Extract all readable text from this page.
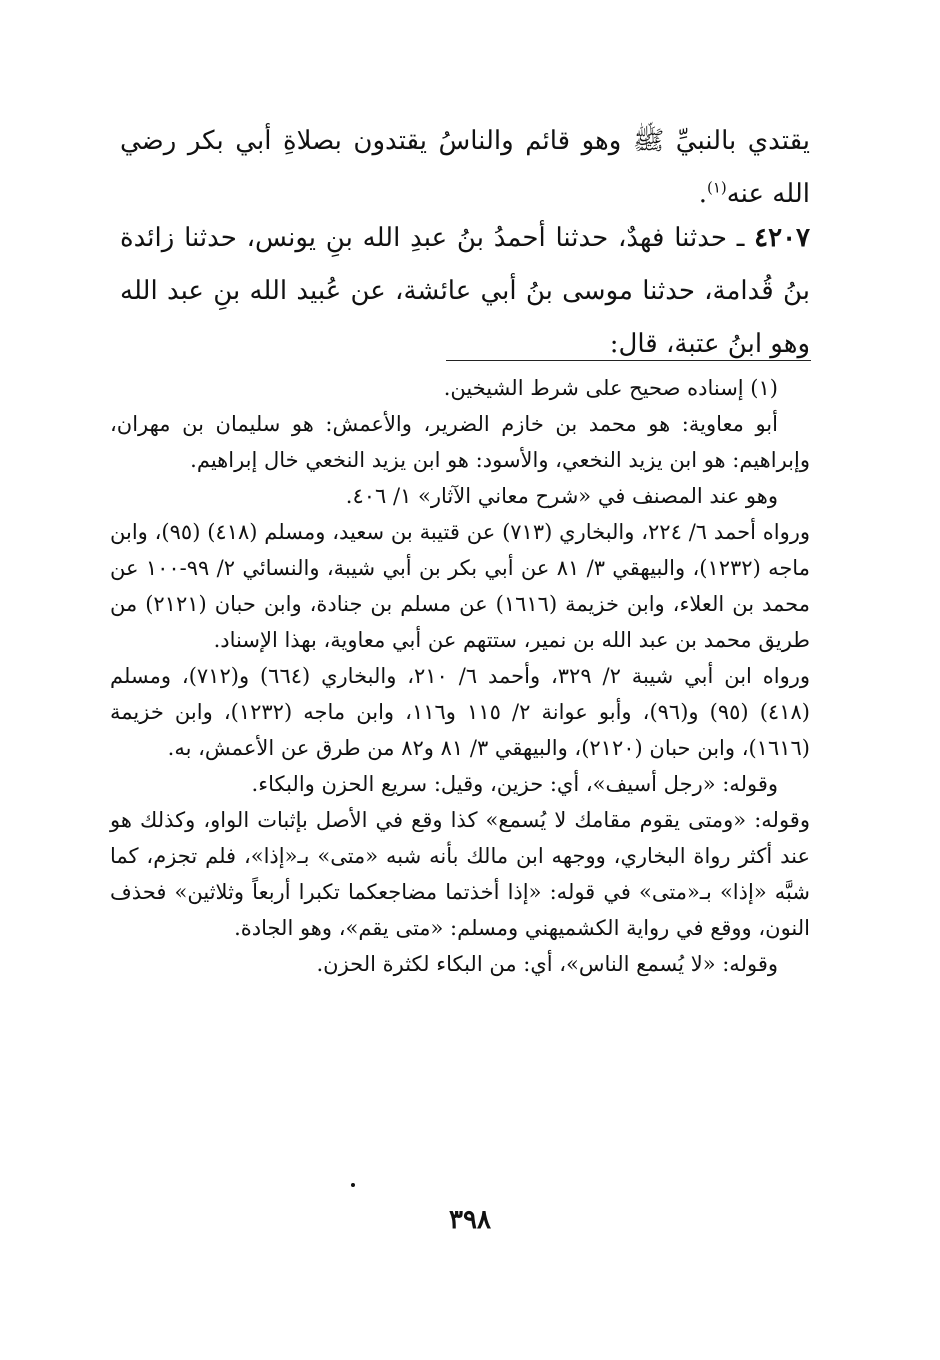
يقتدي بالنبيِّ ﷺ وهو قائم والناسُ يقتدون بصلاةِ أبي بكر رضي الله عنه$^{(١)}$.

٤٢٠٧ ـ حدثنا فهدٌ، حدثنا أحمدُ بنُ عبدِ الله بنِ يونس، حدثنا زائدة بنُ قُدامة، حدثنا موسى بنُ أبي عائشة، عن عُبيد الله بنِ عبد الله وهو ابنُ عتبة، قال:

(١) إسناده صحيح على شرط الشيخين.

أبو معاوية: هو محمد بن خازم الضرير، والأعمش: هو سليمان بن مهران، وإبراهيم: هو ابن يزيد النخعي، والأسود: هو ابن يزيد النخعي خال إبراهيم.

وهو عند المصنف في «شرح معاني الآثار» ١/ ٤٠٦.

ورواه أحمد ٦/ ٢٢٤، والبخاري (٧١٣) عن قتيبة بن سعيد، ومسلم (٤١٨) (٩٥)، وابن ماجه (١٢٣٢)، والبيهقي ٣/ ٨١ عن أبي بكر بن أبي شيبة، والنسائي ٢/ ٩٩-١٠٠ عن محمد بن العلاء، وابن خزيمة (١٦١٦) عن مسلم بن جنادة، وابن حبان (٢١٢١) من طريق محمد بن عبد الله بن نمير، ستتهم عن أبي معاوية، بهذا الإسناد.

ورواه ابن أبي شيبة ٢/ ٣٢٩، وأحمد ٦/ ٢١٠، والبخاري (٦٦٤) و(٧١٢)، ومسلم (٤١٨) (٩٥) و(٩٦)، وأبو عوانة ٢/ ١١٥ و١١٦، وابن ماجه (١٢٣٢)، وابن خزيمة (١٦١٦)، وابن حبان (٢١٢٠)، والبيهقي ٣/ ٨١ و٨٢ من طرق عن الأعمش، به.

وقوله: «رجل أسيف»، أي: حزين، وقيل: سريع الحزن والبكاء.

وقوله: «ومتى يقوم مقامك لا يُسمع» كذا وقع في الأصل بإثبات الواو، وكذلك هو عند أكثر رواة البخاري، ووجهه ابن مالك بأنه شبه «متى» بـ«إذا»، فلم تجزم، كما شبَّه «إذا» بـ«متى» في قوله: «إذا أخذتما مضاجعكما تكبرا أربعاً وثلاثين» فحذف النون، ووقع في رواية الكشميهني ومسلم: «متى يقم»، وهو الجادة.

وقوله: «لا يُسمع الناس»، أي: من البكاء لكثرة الحزن.

٣٩٨
